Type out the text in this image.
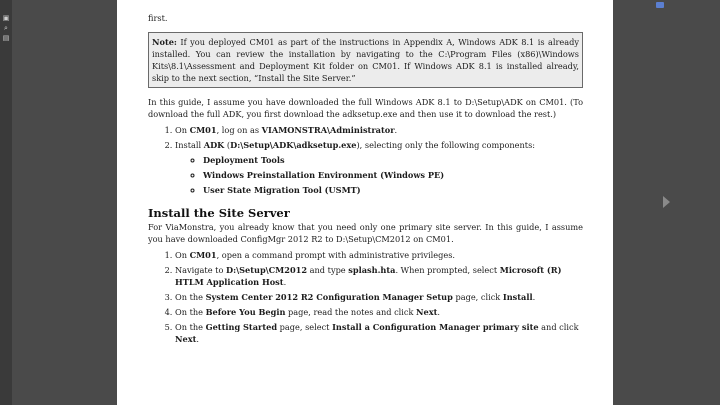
▣
⌕
▤

first.

Note: If you deployed CM01 as part of the instructions in Appendix A, Windows ADK 8.1 is already installed. You can review the installation by navigating to the C:\Program Files (x86)\Windows Kits\8.1\Assessment and Deployment Kit folder on CM01. If Windows ADK 8.1 is installed already, skip to the next section, “Install the Site Server.”

In this guide, I assume you have downloaded the full Windows ADK 8.1 to D:\Setup\ADK on CM01. (To download the full ADK, you first download the adksetup.exe and then use it to download the rest.)

1. On CM01, log on as VIAMONSTRA\Administrator.
2. Install ADK (D:\Setup\ADK\adksetup.exe), selecting only the following components:
◦ Deployment Tools
◦ Windows Preinstallation Environment (Windows PE)
◦ User State Migration Tool (USMT)
Install the Site Server

For ViaMonstra, you already know that you need only one primary site server. In this guide, I assume you have downloaded ConfigMgr 2012 R2 to D:\Setup\CM2012 on CM01.

1. On CM01, open a command prompt with administrative privileges.
2. Navigate to D:\Setup\CM2012 and type splash.hta. When prompted, select Microsoft (R) HTLM Application Host.
3. On the System Center 2012 R2 Configuration Manager Setup page, click Install.
4. On the Before You Begin page, read the notes and click Next.
5. On the Getting Started page, select Install a Configuration Manager primary site and click Next.
